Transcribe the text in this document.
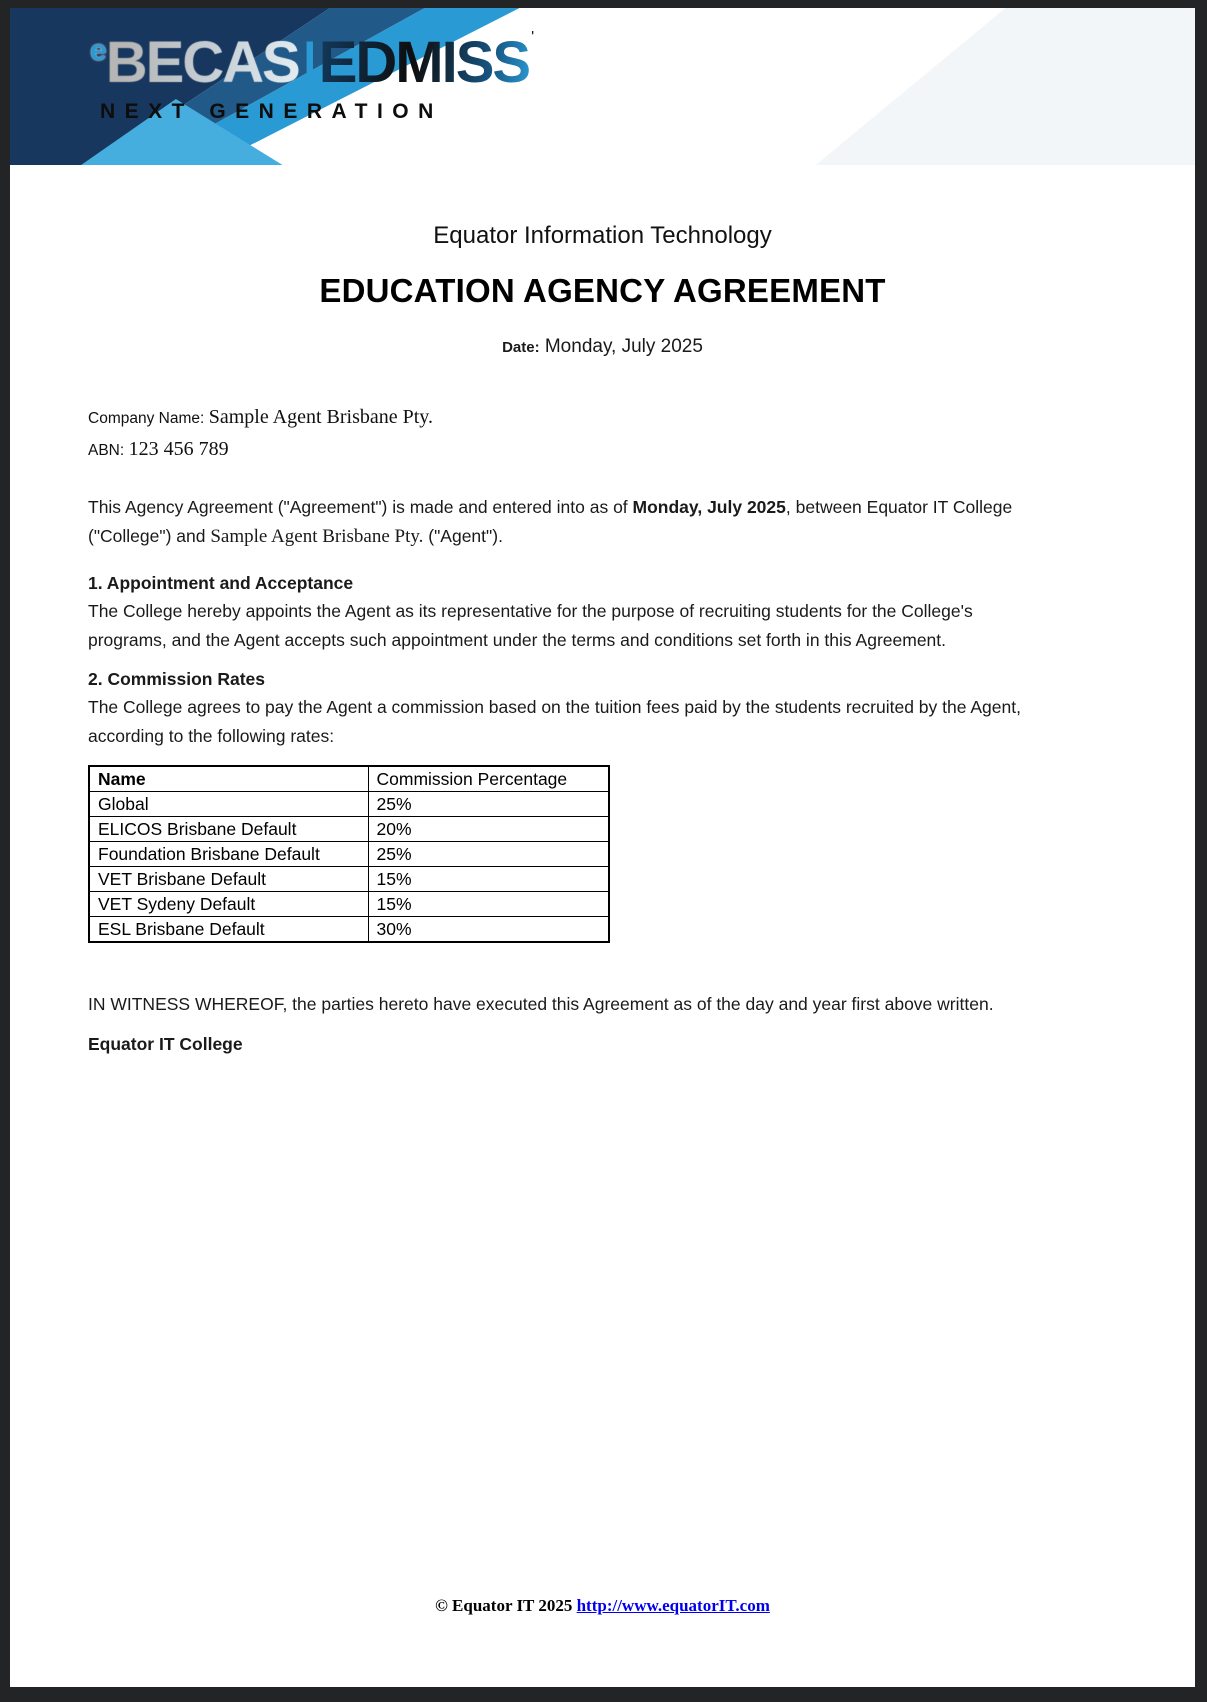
eBECAS|EDMISS '
NEXT GENERATION
Equator Information Technology
EDUCATION AGENCY AGREEMENT
Date: Monday, July 2025
Company Name: Sample Agent Brisbane Pty.
ABN: 123 456 789

This Agency Agreement ("Agreement") is made and entered into as of Monday, July 2025, between Equator IT College ("College") and Sample Agent Brisbane Pty. ("Agent").

1. Appointment and Acceptance

The College hereby appoints the Agent as its representative for the purpose of recruiting students for the College's programs, and the Agent accepts such appointment under the terms and conditions set forth in this Agreement.

2. Commission Rates

The College agrees to pay the Agent a commission based on the tuition fees paid by the students recruited by the Agent, according to the following rates:

Name	Commission Percentage
Global	25%
ELICOS Brisbane Default	20%
Foundation Brisbane Default	25%
VET Brisbane Default	15%
VET Sydeny Default	15%
ESL Brisbane Default	30%

IN WITNESS WHEREOF, the parties hereto have executed this Agreement as of the day and year first above written.

Equator IT College
© Equator IT 2025 http://www.equatorIT.com
